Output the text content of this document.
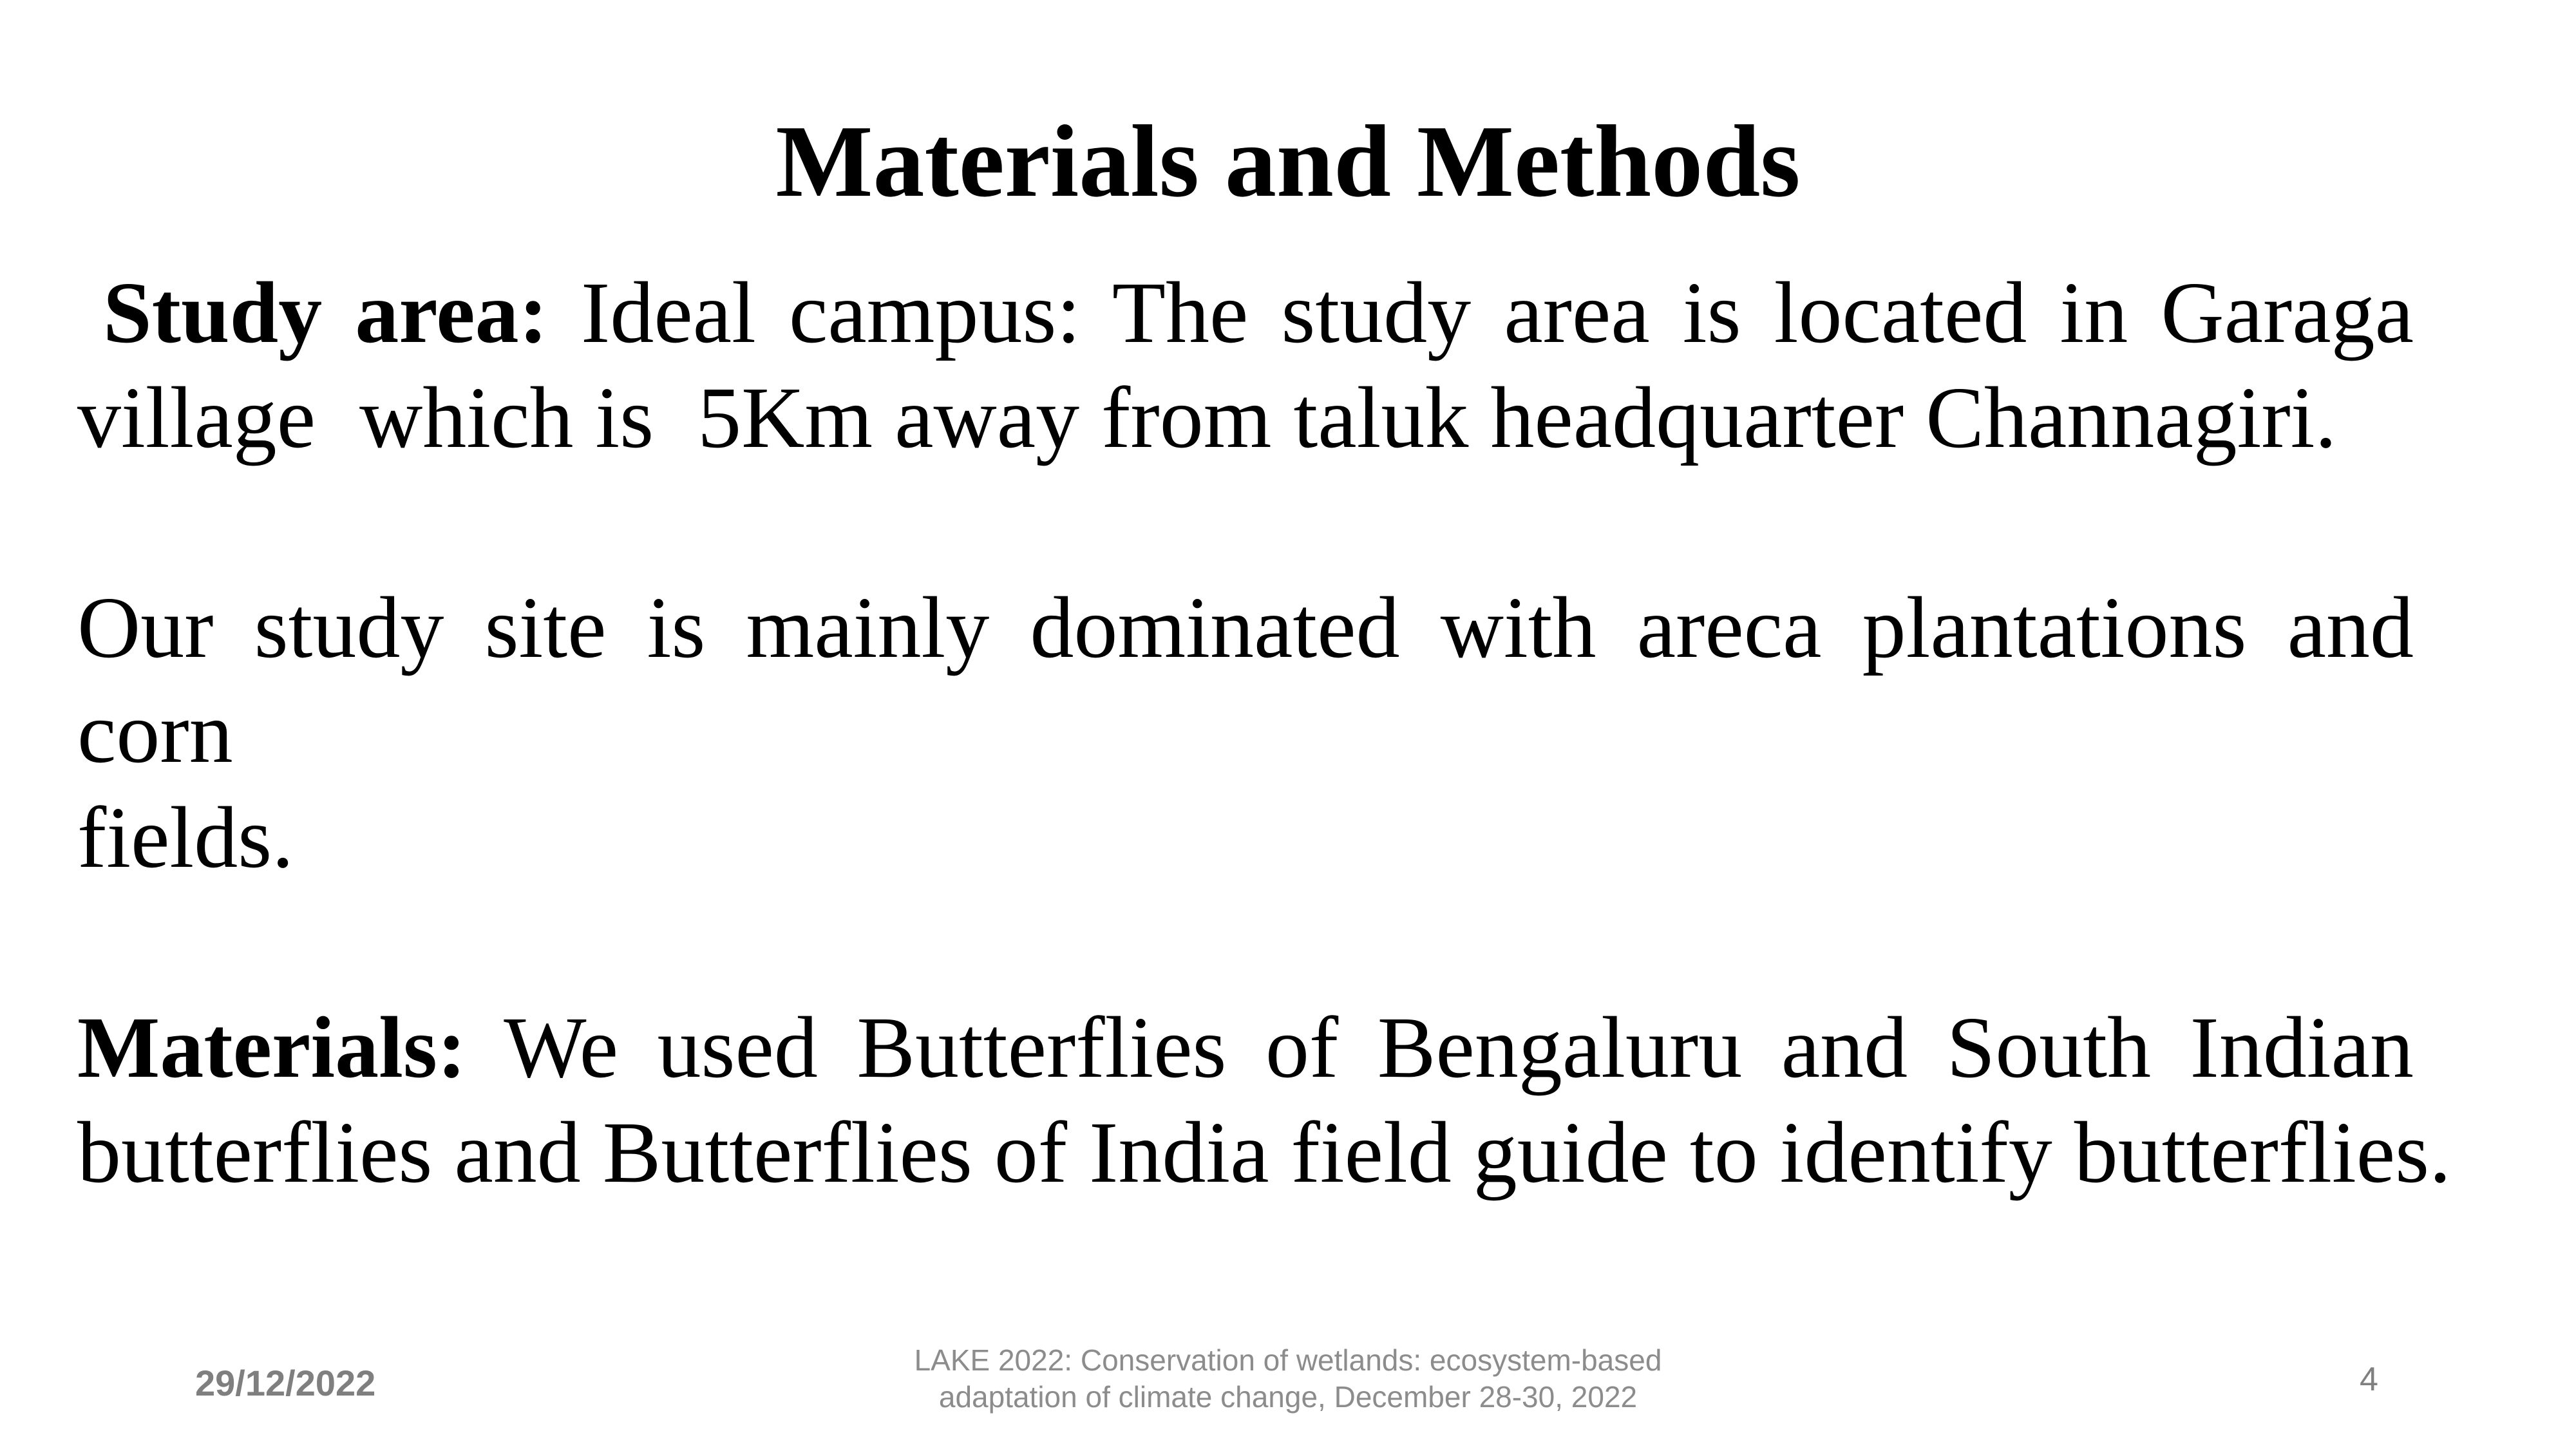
Materials and Methods

Study area: Ideal campus: The study area is located in Garaga
village  which is  5Km away from taluk headquarter Channagiri.

Our study site is mainly dominated with areca plantations and corn
fields.

Materials: We used Butterflies of Bengaluru and South Indian
butterflies and Butterflies of India field guide to identify butterflies.

29/12/2022
LAKE 2022: Conservation of wetlands: ecosystem-based
adaptation of climate change, December 28-30, 2022	4
